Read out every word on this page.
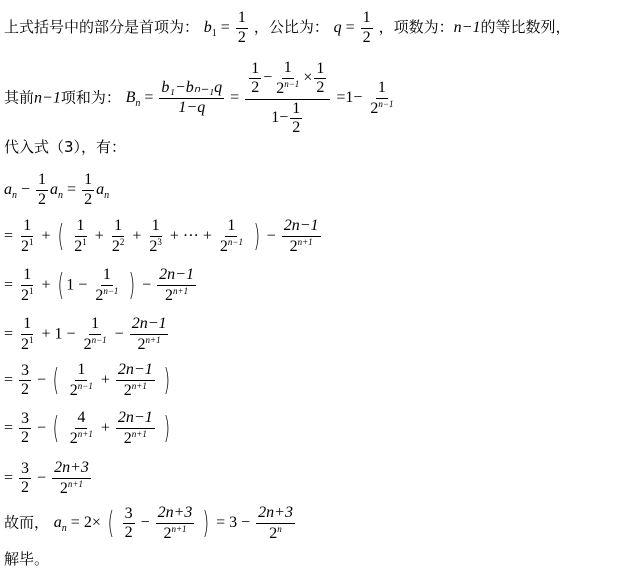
上式括号中的部分是首项为： $b_1 = \frac{1}{2}$ ，公比为： $q = \frac{1}{2}$ ，项数为：n−1的等比数列，
其前n−1项和为： $B_n = \frac{\text{b₁−bₙ₋₁q}}{1-q} = \frac{\frac{1}{2} - \frac{1}{2^{n-1}} \times \frac{1}{2}}{1- \frac{1}{2}} =1- \frac{1}{2^{n-1}}$
代入式（3），有：
$a_n - \frac{1}{2} a_n = \frac{1}{2} a_n$
= $\frac{1}{2^1}$ + ( $\frac{1}{2^1} + \frac{1}{2^2} + \frac{1}{2^3}$ + ··· + $\frac{1}{2^{n-1}}$ ) − $\frac{2n-1}{2^{n+1}}$
= $\frac{1}{2^1}$ + ( $1 - \frac{1}{2^{n-1}}$ ) − $\frac{2n-1}{2^{n+1}}$
= $\frac{1}{2^1} + 1 - \frac{1}{2^{n-1}} - \frac{2n-1}{2^{n+1}}$
= $\frac{3}{2}$ − ( $\frac{1}{2^{n-1}} + \frac{2n-1}{2^{n+1}}$ )
= $\frac{3}{2}$ − ( $\frac{4}{2^{n+1}} + \frac{2n-1}{2^{n+1}}$ )
= $\frac{3}{2} - \frac{2n+3}{2^{n+1}}$
故而， $a_n = 2\times$ ( $\frac{3}{2} - \frac{2n+3}{2^{n+1}}$ ) = $3 - \frac{2n+3}{2^n}$
解毕。
